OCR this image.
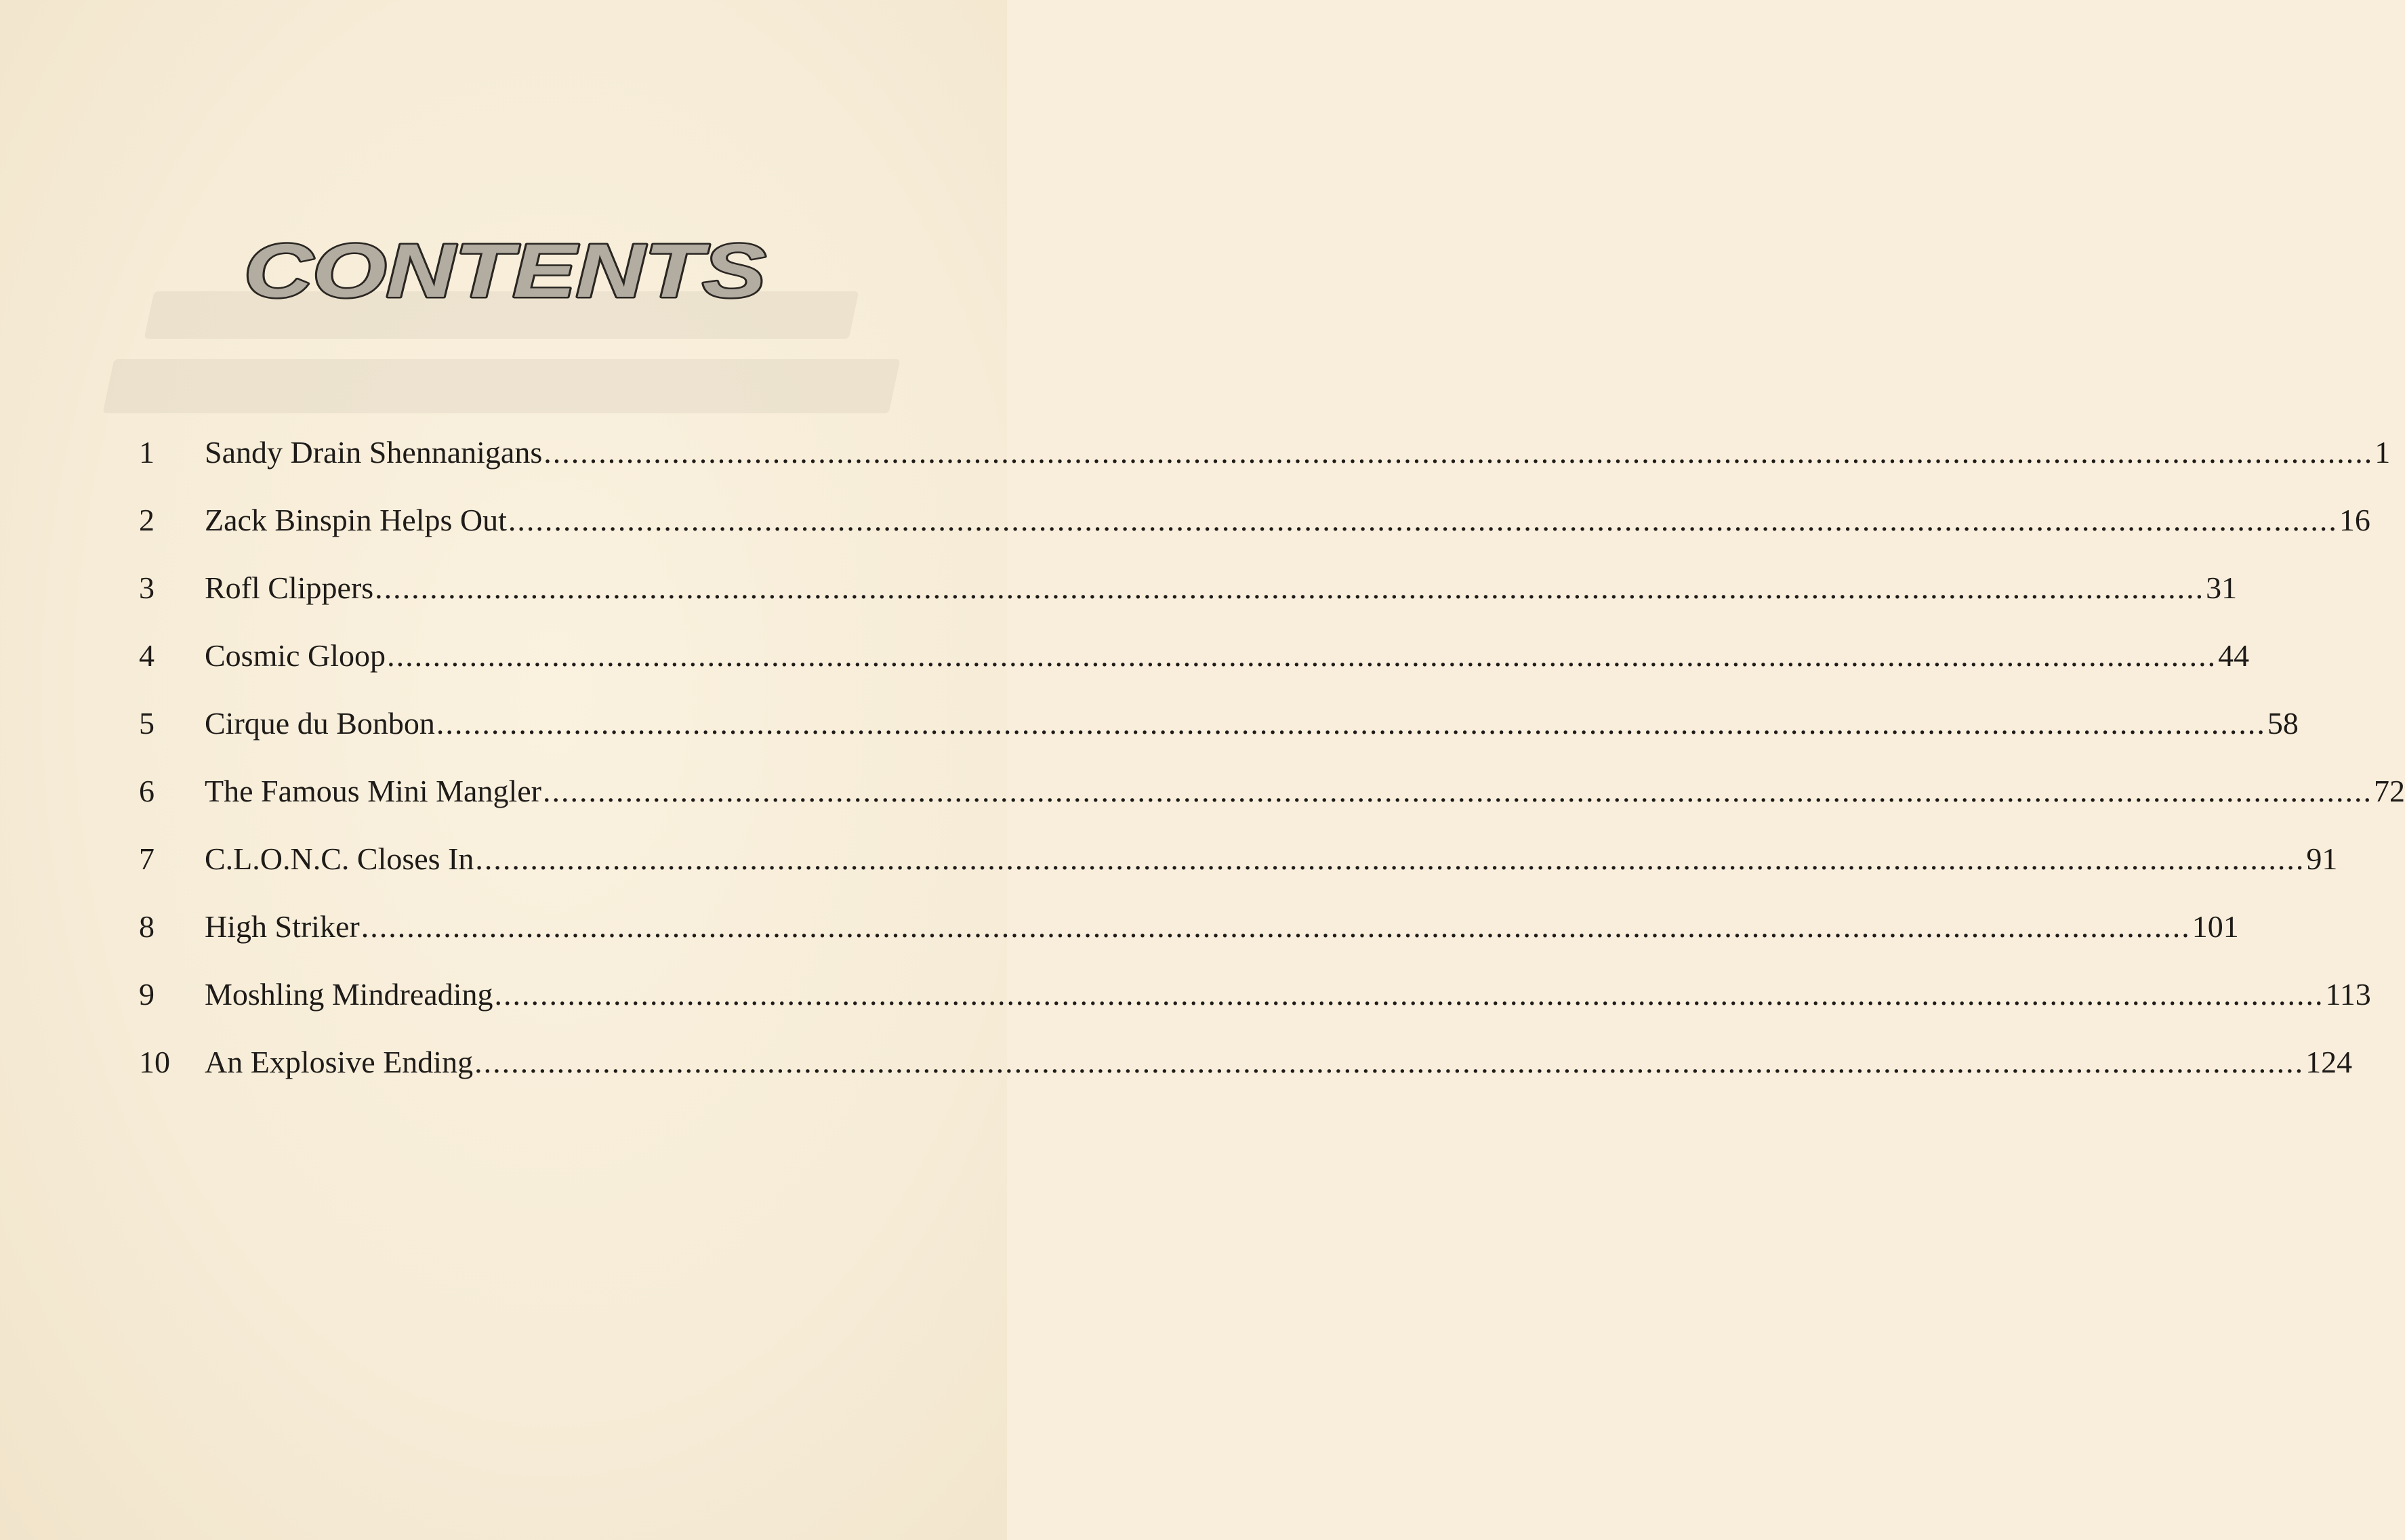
CONTENTS
1	Sandy Drain Shennanigans ........................................................................................................................................................................................................ 1
2	Zack Binspin Helps Out ........................................................................................................................................................................................................ 16
3	Rofl Clippers ........................................................................................................................................................................................................ 31
4	Cosmic Gloop ........................................................................................................................................................................................................ 44
5	Cirque du Bonbon ........................................................................................................................................................................................................ 58
6	The Famous Mini Mangler ........................................................................................................................................................................................................ 72
7	C.L.O.N.C. Closes In ........................................................................................................................................................................................................ 91
8	High Striker ........................................................................................................................................................................................................ 101
9	Moshling Mindreading ........................................................................................................................................................................................................ 113
10	An Explosive Ending ........................................................................................................................................................................................................ 124
